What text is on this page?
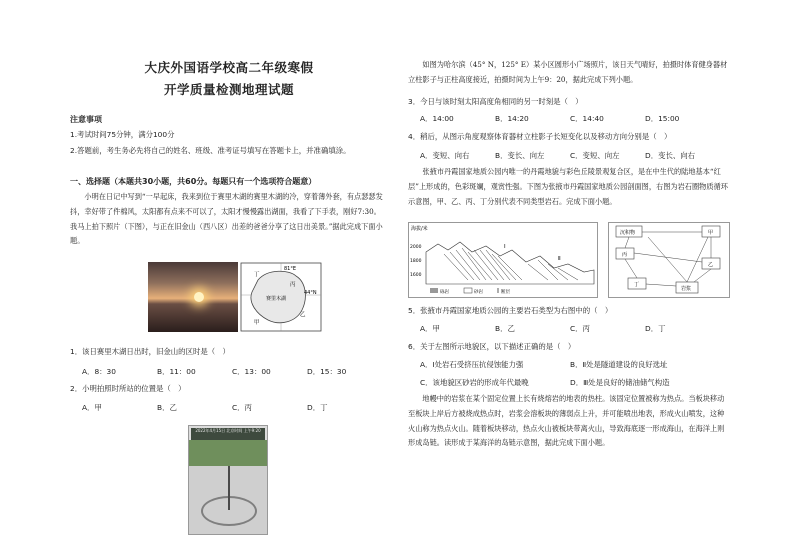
大庆外国语学校高二年级寒假
开学质量检测地理试题
注意事项
1.考试时间75分钟，满分100分
2.答题前，考生务必先将自己的姓名、班级、准考证号填写在答题卡上，并准确填涂。
一、选择题（本题共30小题，共60分。每题只有一个选项符合题意）
小明在日记中写到“一早起床，我来到位于赛里木湖的赛里木湖的冷，穿着薄外套，有点瑟瑟发抖，幸好带了件棉风，太阳都有点来不可以了，太阳才慢慢露出湖面，我看了下手表，刚好7:30。我马上拍下照片（下图），与正在旧金山（西八区）出差的爸爸分享了这日出美景。”据此完成下面小题。
81°E
44°N
赛里木湖
丁
丙
乙
甲
1．该日赛里木湖日出时，旧金山的区时是（　）
A．8：30	B．11：00	C．13：00	D．15：30
2．小明拍照时所站的位置是（　）
A．甲	B．乙	C．丙	D．丁
2022年4月15日 北京时间 上午9:20
如图为哈尔滨（45° N，125° E）某小区圆形小广场照片，该日天气晴好，拍摄时体育健身器材立柱影子与正柱高度接近，拍摄时间为上午9：20，据此完成下列小题。
3．今日与该时刻太阳高度角相同的另一时刻是（　）
A．14:00	B．14:20	C．14:40	D．15:00
4．稍后，从图示角度观察体育器材立柱影子长短变化以及移动方向分别是（　）
A．变短、向右	B．变长、向左	C．变短、向左	D．变长、向右
张掖市丹霞国家地质公园内唯一的丹霞地貌与彩色丘陵景观复合区，是在中生代的陆地基本“红层”上形成的，色彩斑斓，观赏性强。下图为张掖市丹霞国家地质公园剖面图，右图为岩石圈物质循环示意图，甲、乙、丙、丁分别代表不同类型岩石。完成下面小题。
海拔/米
2000
1800
1600
Ⅰ
Ⅱ
砾岩	砂岩	断层
沉积物	甲
丙
乙
丁
岩浆
5．张掖市丹霞国家地质公园的主要岩石类型为右图中的（　）
A．甲	B．乙	C．丙	D．丁
6．关于左图所示地貌区，以下描述正确的是（　）
A．Ⅰ处岩石受挤压抗侵蚀能力强	B．Ⅱ处是隧道建设的良好选址
C．该地貌区砂岩的形成年代最晚	D．Ⅲ处是良好的储油储气构造
地幔中的岩浆在某个固定位置上长有烧熔岩的地表的热柱。该固定位置被称为热点。当板块移动至板块上岸后方被烧成热点时，岩浆会溶板块的薄弱点上升，并可能喷出地表，形成火山喷发，这种火山称为热点火山。随着板块移动，热点火山被板块带离火山，导致海底逐一形成海山，在海洋上则形成岛链。读形成于某海洋的岛链示意图，据此完成下面小题。
